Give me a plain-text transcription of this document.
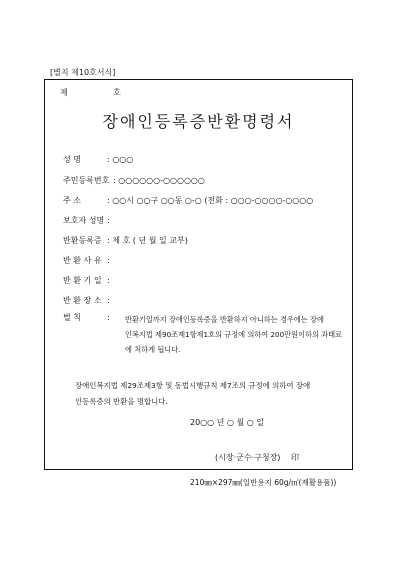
[별지 제10호서식]
제	호
장애인등록증반환명령서
성 명	: ○○○
주민등록번호 : ○○○○○○-○○○○○○
주 소	: ○○시 ○○구 ○○동 ○-○ (전화 : ○○○-○○○○-○○○○
보호자 성명 :
반환등록증 : 제 호 ( 년 월 일 교부)
반 환 사 유 :
반 환 기 일 :
반 환 장 소 :
벌 칙	: 반환기일까지 장애인등록증을 반환하지 아니하는 경우에는 장애
인복지법 제90조제1항제1호의 규정에 의하여 200만원이하의 과태료
에 처하게 됩니다.
장애인복지법 제29조제3항 및 동법시행규칙 제7조의 규정에 의하여 장애
인등록증의 반환을 명합니다.
20○○ 년 ○ 월 ○ 일
(시장·군수·구청장) 印
210㎜×297㎜(일반용지 60g/㎡(재활용품))
